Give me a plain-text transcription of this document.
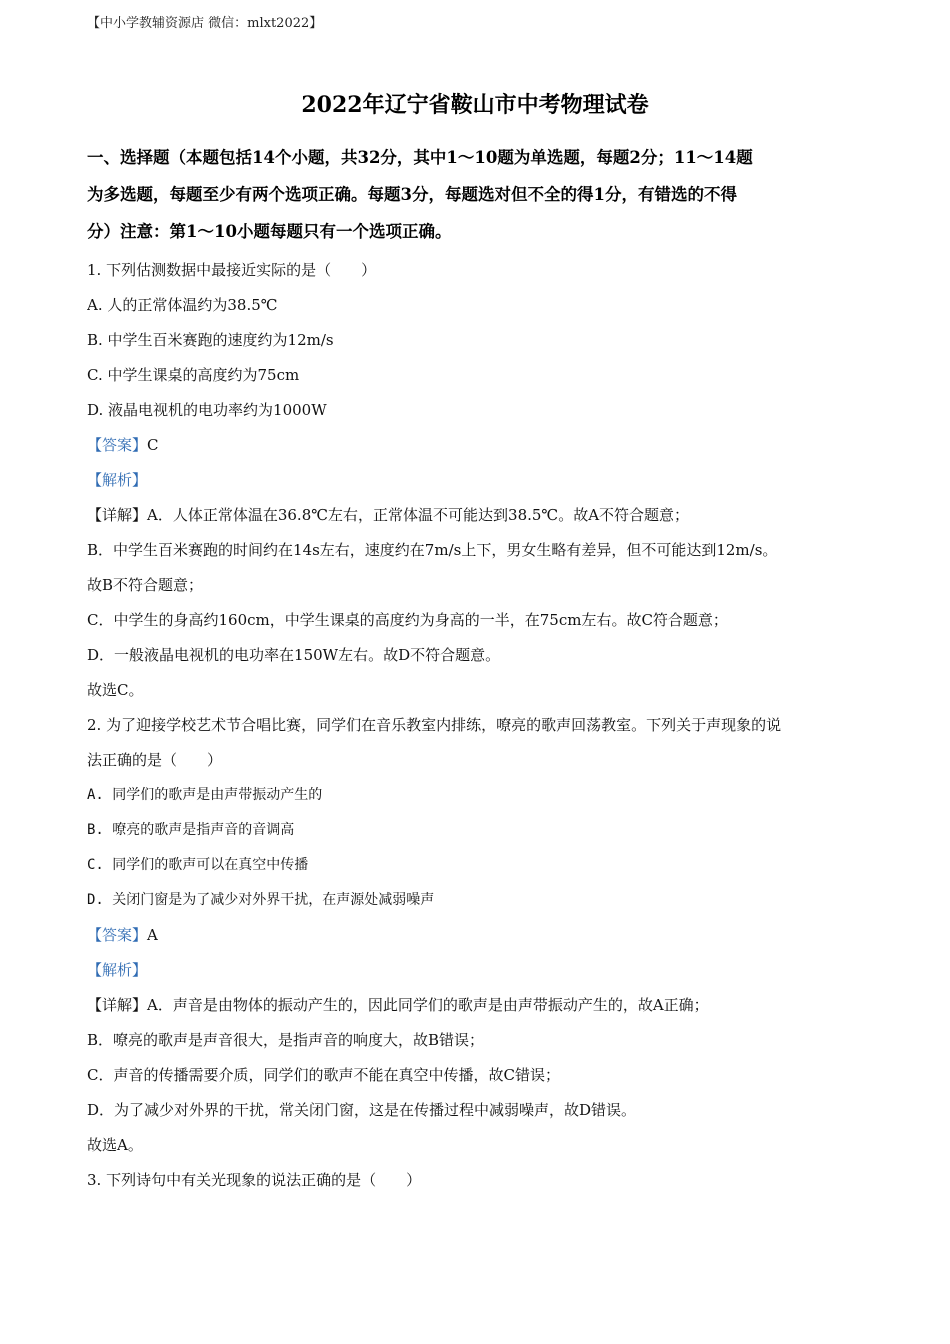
【中小学教辅资源店 微信：mlxt2022】
2022年辽宁省鞍山市中考物理试卷
一、选择题（本题包括14个小题，共32分，其中1～10题为单选题，每题2分；11～14题
为多选题，每题至少有两个选项正确。每题3分，每题选对但不全的得1分，有错选的不得
分）注意：第1～10小题每题只有一个选项正确。
1. 下列估测数据中最接近实际的是（　　）
A. 人的正常体温约为38.5℃
B. 中学生百米赛跑的速度约为12m/s
C. 中学生课桌的高度约为75cm
D. 液晶电视机的电功率约为1000W
【答案】C
【解析】
【详解】A．人体正常体温在36.8℃左右，正常体温不可能达到38.5℃。故A不符合题意；
B．中学生百米赛跑的时间约在14s左右，速度约在7m/s上下，男女生略有差异，但不可能达到12m/s。
故B不符合题意；
C．中学生的身高约160cm，中学生课桌的高度约为身高的一半，在75cm左右。故C符合题意；
D．一般液晶电视机的电功率在150W左右。故D不符合题意。
故选C。
2. 为了迎接学校艺术节合唱比赛，同学们在音乐教室内排练，嘹亮的歌声回荡教室。下列关于声现象的说
法正确的是（　　）
A. 同学们的歌声是由声带振动产生的
B. 嘹亮的歌声是指声音的音调高
C. 同学们的歌声可以在真空中传播
D. 关闭门窗是为了减少对外界干扰，在声源处减弱噪声
【答案】A
【解析】
【详解】A．声音是由物体的振动产生的，因此同学们的歌声是由声带振动产生的，故A正确；
B．嘹亮的歌声是声音很大，是指声音的响度大，故B错误；
C．声音的传播需要介质，同学们的歌声不能在真空中传播，故C错误；
D．为了减少对外界的干扰，常关闭门窗，这是在传播过程中减弱噪声，故D错误。
故选A。
3. 下列诗句中有关光现象的说法正确的是（　　）
